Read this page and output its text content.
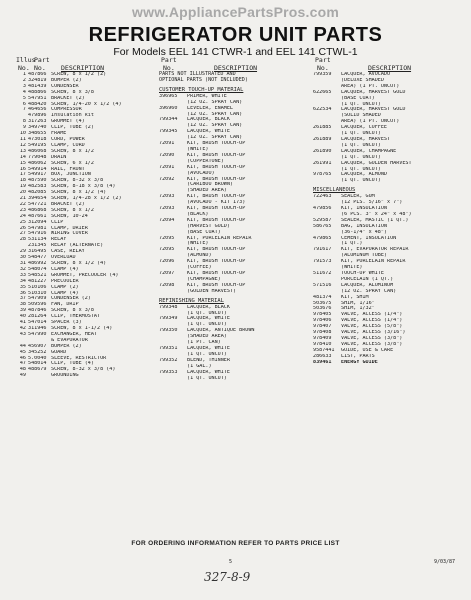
www.AppliancePartsPros.com
REFRIGERATOR UNIT PARTS
For Models EEL 141 CTWR-1 and EEL 141 CTWL-1
Illus
No.
Part
No. DESCRIPTION
1 487866 SCREW, 8 x 1/2 (2)
2 324819 BUMPER (2)
3 481439 CONDENSER
4 488866 SCREW, 8 x 3/8
5 547951 BRACKET (2)
6 488420 SCREW, 1/4-20 x 1/2 (4)
7 464656 COMPRESSOR
479896 Insulation kit
8 317263 GROMMET (4)
9 349740 CLIP, TUBE (2)
10 348655 FRAME
11 473018 CORD, POWER
12 549195 CLAMP, CORD
13 486068 SCREW, 8 x 1/2
14 779048 DRAIN
15 486062 SCREW, 6 x 1/2
16 549914 RAIL, FRONT
17 549917 BOX, JUNCTION
18 487590 SCREW, 8-32 x 3/8
19 482583 SCREW, 8-18 x 3/8 (4)
20 482085 SCREW, 8 x 1/2 (4)
21 394654 SCREW, 1/4-28 x 1/2 (2)
22 547721 BRACKET (2)
23 486868 SCREW, 8 x 1/2
24 487661 SCREW, 10-24
25 312094 CLIP
26 547981 CLAMP, DRIER
27 547916 WIRING COVER
28 531134 RELAY
231345 RELAY (ALTERNATE)
29 316495 CASE, RELAY
30 548477 OVERLOAD
31 486992 SCREW, 8 x 1/2 (4)
32 548074 CLAMP (4)
33 548521 GROMMET, PRECOOLER (4)
34 481227 PRECOOLER
35 510106 CLAMP (2)
36 510310 CLAMP (4)
37 547909 CONDENSER (2)
38 509596 FAN, DRIP
39 487846 SCREW, 8 x 3/8
40 281264 CLIP, THERMOSTAT
41 547014 SPACER (3)
42 311946 SCREW, 8 x 1-1/2 (4)
43 547990 EXCHANGER, HEAT
& EVAPORATOR
44 456907 BUMPER (2)
45 345252 GUARD
46 5.0040 SLEEVE, RESTRICTOR
47 548014 CLIP, TUBE (4)
48 488679 SCREW, 8-32 x 3/8 (4)
49	GROUNDING
Part
No.	DESCRIPTION
PARTS NOT ILLUSTRATED AND
OPTIONAL PARTS (NOT INCLUDED)
CUSTOMER TOUCH-UP MATERIAL
396965	PRIMER, WHITE
(12 OZ. SPRAY CAN)
396960	LEVELER, ENAMEL
(12 OZ. SPRAY CAN)
799344	LACQUER, BLACK
(12 OZ. SPRAY CAN)
799345	LACQUER, WHITE
(12 OZ. SPRAY CAN)
72091	KIT, BRUSH TOUCH-UP
(WHITE)
72090	KIT, BRUSH TOUCH-UP
(COPPERTONE)
72091	KIT, BRUSH TOUCH-UP
(AVOCADO)
72092	KIT, BRUSH TOUCH-UP
(CARIBOU BROWN)
(SHADED AREA)
72093	KIT, BRUSH TOUCH-UP
(AVOCADO - KIT 173)
72093	KIT, BRUSH TOUCH-UP
(BLACK)
72094	KIT, BRUSH TOUCH-UP
(HARVEST GOLD)
(BASE COAT)
72095	KIT, PORCELAIN REPAIR
(WHITE)
72095	KIT, BRUSH TOUCH-UP
(ALMOND)
72096	KIT, BRUSH TOUCH-UP
(COFFEE)
72097	KIT, BRUSH TOUCH-UP
(CHAMPAGNE)
72098	KIT, BRUSH TOUCH-UP
(GOLDEN HARVEST)
REFINISHING MATERIAL
799348	LACQUER, BLACK
(1 QT. UNCUT)
799349	LACQUER, WHITE
(1 QT. UNCUT)
799350	LACQUER, ANTIQUE BROWN
(SHADED AREA)
(1 PT. CAN)
799351	LACQUER, WHITE
(1 QT. UNCUT)
799352	BLEND, THINNER
(1 GAL.)
799353	LACQUER, WHITE
(1 QT. UNCUT)
Part
No.	DESCRIPTION
799359	LACQUER, AVOCADO
(DELUXE SHADED
AREA) (1 PT. UNCUT)
622665	LACQUER, HARVEST GOLD
(BASE COAT)
(1 QT. UNCUT)
622534	LACQUER, HARVEST GOLD
(SOLID SHADED
AREA) (1 PT. UNCUT)
261885	LACQUER, COFFEE
(1 QT. UNCUT)
261889	LACQUER, HARVEST
(1 QT. UNCUT)
261890	LACQUER, CHAMPAGNE
(1 QT. UNCUT)
261991	LACQUER, GOLDEN HARVEST
(1 QT. UNCUT)
978765	LACQUER, ALMOND
(1 QT. UNCUT)
MISCELLANEOUS
722463	SEALER, GUM
(12 PLS. 5/16" x 7")
479856	KIT, INSULATION
(6 PCS. 3" x 24" x 48")
529587	SEALER, MASTIC (1 QT.)
586765	BAG, INSULATION
(36-1/4" x 48")
479865	CEMENT, INSULATION
(1 QT.)
791617	KIT, EVAPORATOR REPAIR
(ALUMINUM TUBE)
791573	KIT, PORCELAIN REPAIR
(WHITE)
511672	TOUCH-UP WHITE
PORCELAIN (1 QT.)
571516	LACQUER, ALUMINUM
(12 OZ. SPRAY CAN)
481374	KIT, SHIM
503675	SHIM, 1/16"
503676	SHIM, 1/32"
978405	VALVE, ACCESS (1/4")
978406	VALVE, ACCESS (1/4")
978407	VALVE, ACCESS (5/8")
978408	VALVE, ACCESS (3/16")
978409	VALVE, ACCESS (3/8")
978410	VALVE, ACCESS (3/8")
9587441	GUIDE, USE & CARE
286633	LIST, PARTS
839461	ENERGY GUIDE
FOR ORDERING INFORMATION REFER TO PARTS PRICE LIST
5	9/03/87
327-8-9
